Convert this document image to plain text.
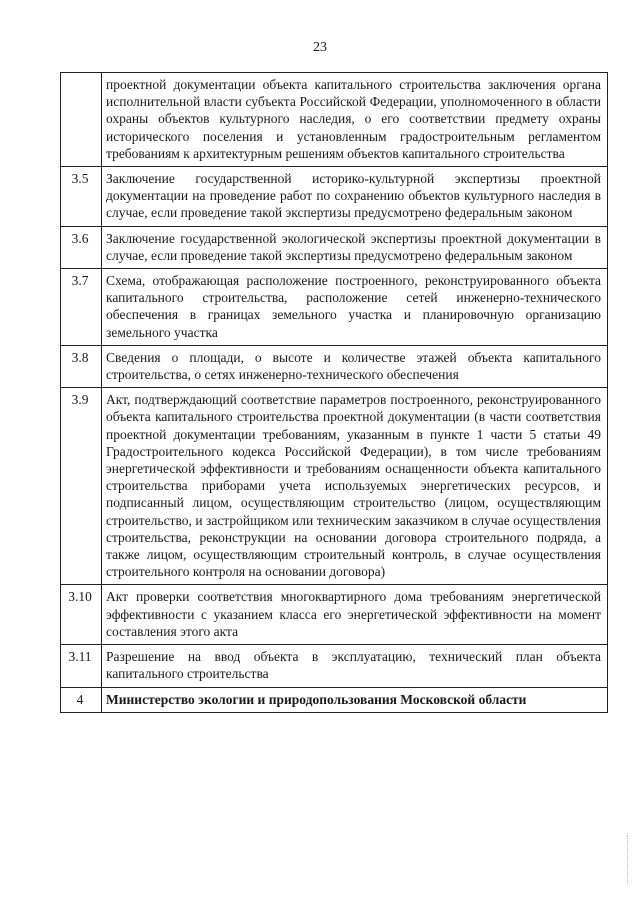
23
	проектной документации объекта капитального строительства заключения органа исполнительной власти субъекта Российской Федерации, уполномоченного в области охраны объектов культурного наследия, о его соответствии предмету охраны исторического поселения и установленным градостроительным регламентом требованиям к архитектурным решениям объектов капитального строительства
3.5	Заключение государственной историко-культурной экспертизы проектной документации на проведение работ по сохранению объектов культурного наследия в случае, если проведение такой экспертизы предусмотрено федеральным законом
3.6	Заключение государственной экологической экспертизы проектной документации в случае, если проведение такой экспертизы предусмотрено федеральным законом
3.7	Схема, отображающая расположение построенного, реконструированного объекта капитального строительства, расположение сетей инженерно-технического обеспечения в границах земельного участка и планировочную организацию земельного участка
3.8	Сведения о площади, о высоте и количестве этажей объекта капитального строительства, о сетях инженерно-технического обеспечения
3.9	Акт, подтверждающий соответствие параметров построенного, реконструированного объекта капитального строительства проектной документации (в части соответствия проектной документации требованиям, указанным в пункте 1 части 5 статьи 49 Градостроительного кодекса Российской Федерации), в том числе требованиям энергетической эффективности и требованиям оснащенности объекта капитального строительства приборами учета используемых энергетических ресурсов, и подписанный лицом, осуществляющим строительство (лицом, осуществляющим строительство, и застройщиком или техническим заказчиком в случае осуществления строительства, реконструкции на основании договора строительного подряда, а также лицом, осуществляющим строительный контроль, в случае осуществления строительного контроля на основании договора)
3.10	Акт проверки соответствия многоквартирного дома требованиям энергетической эффективности с указанием класса его энергетической эффективности на момент составления этого акта
3.11	Разрешение на ввод объекта в эксплуатацию, технический план объекта капитального строительства
4	Министерство экологии и природопользования Московской области
